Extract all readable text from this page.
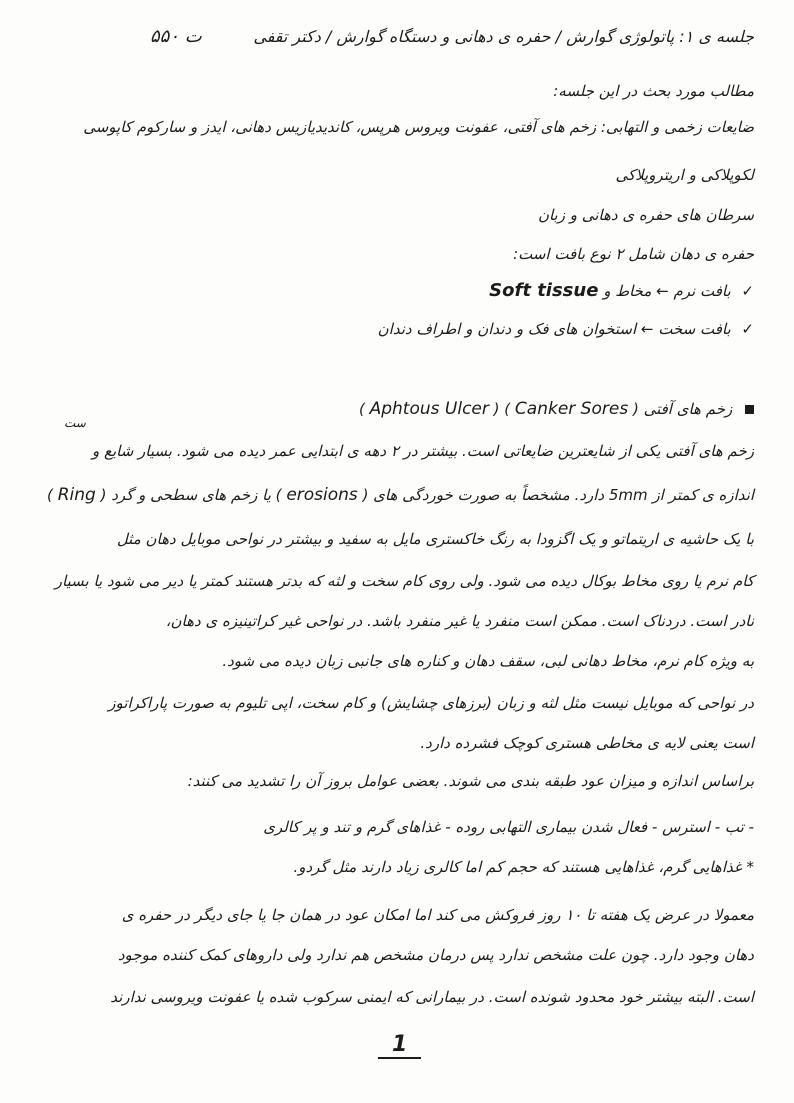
۵۵۰ ت	جلسه ی ۱: پاتولوژی گوارش / حفره ی دهانی و دستگاه گوارش / دکتر تقفی
مطالب مورد بحث در این جلسه:
ضایعات زخمی و التهابی: زخم های آفتی، عفونت ویروس هرپس، کاندیدیازیس دهانی، ایدز و سارکوم کاپوسی
لکوپلاکی و اریتروپلاکی
سرطان های حفره ی دهانی و زبان
حفره ی دهان شامل ۲ نوع بافت است:
✓ بافت نرم ← مخاط و Soft tissue
✓ بافت سخت ← استخوان های فک و دندان و اطراف دندان
زخم های آفتی ( Aphtous Ulcer ) ( Canker Sores )
ست
زخم های آفتی یکی از شایعترین ضایعاتی است. بیشتر در ۲ دهه ی ابتدایی عمر دیده می شود. بسیار شایع و
اندازه ی کمتر از 5mm دارد. مشخصاً به صورت خوردگی های ( erosions ) یا زخم های سطحی و گرد ( Ring )
با یک حاشیه ی اریتماتو و یک اگزودا به رنگ خاکستری مایل به سفید و بیشتر در نواحی موبایل دهان مثل
کام نرم یا روی مخاط بوکال دیده می شود. ولی روی کام سخت و لثه که بدتر هستند کمتر یا دیر می شود یا بسیار
نادر است. دردناک است. ممکن است منفرد یا غیر منفرد باشد. در نواحی غیر کراتینیزه ی دهان،
به ویژه کام نرم، مخاط دهانی لبی، سقف دهان و کناره های جانبی زبان دیده می شود.
در نواحی که موبایل نیست مثل لثه و زبان (برزهای چشایش) و کام سخت، اپی تلیوم به صورت پاراکراتوز
است یعنی لایه ی مخاطی هستری کوچک فشرده دارد.
براساس اندازه و میزان عود طبقه بندی می شوند. بعضی عوامل بروز آن را تشدید می کنند:
- تب - استرس - فعال شدن بیماری التهابی روده - غذاهای گرم و تند و پر کالری
* غذاهایی گرم، غذاهایی هستند که حجم کم اما کالری زیاد دارند مثل گردو.
معمولا در عرض یک هفته تا ۱۰ روز فروکش می کند اما امکان عود در همان جا یا جای دیگر در حفره ی
دهان وجود دارد. چون علت مشخص ندارد پس درمان مشخص هم ندارد ولی داروهای کمک کننده موجود
است. البته بیشتر خود محدود شونده است. در بیمارانی که ایمنی سرکوب شده یا عفونت ویروسی ندارند
1
